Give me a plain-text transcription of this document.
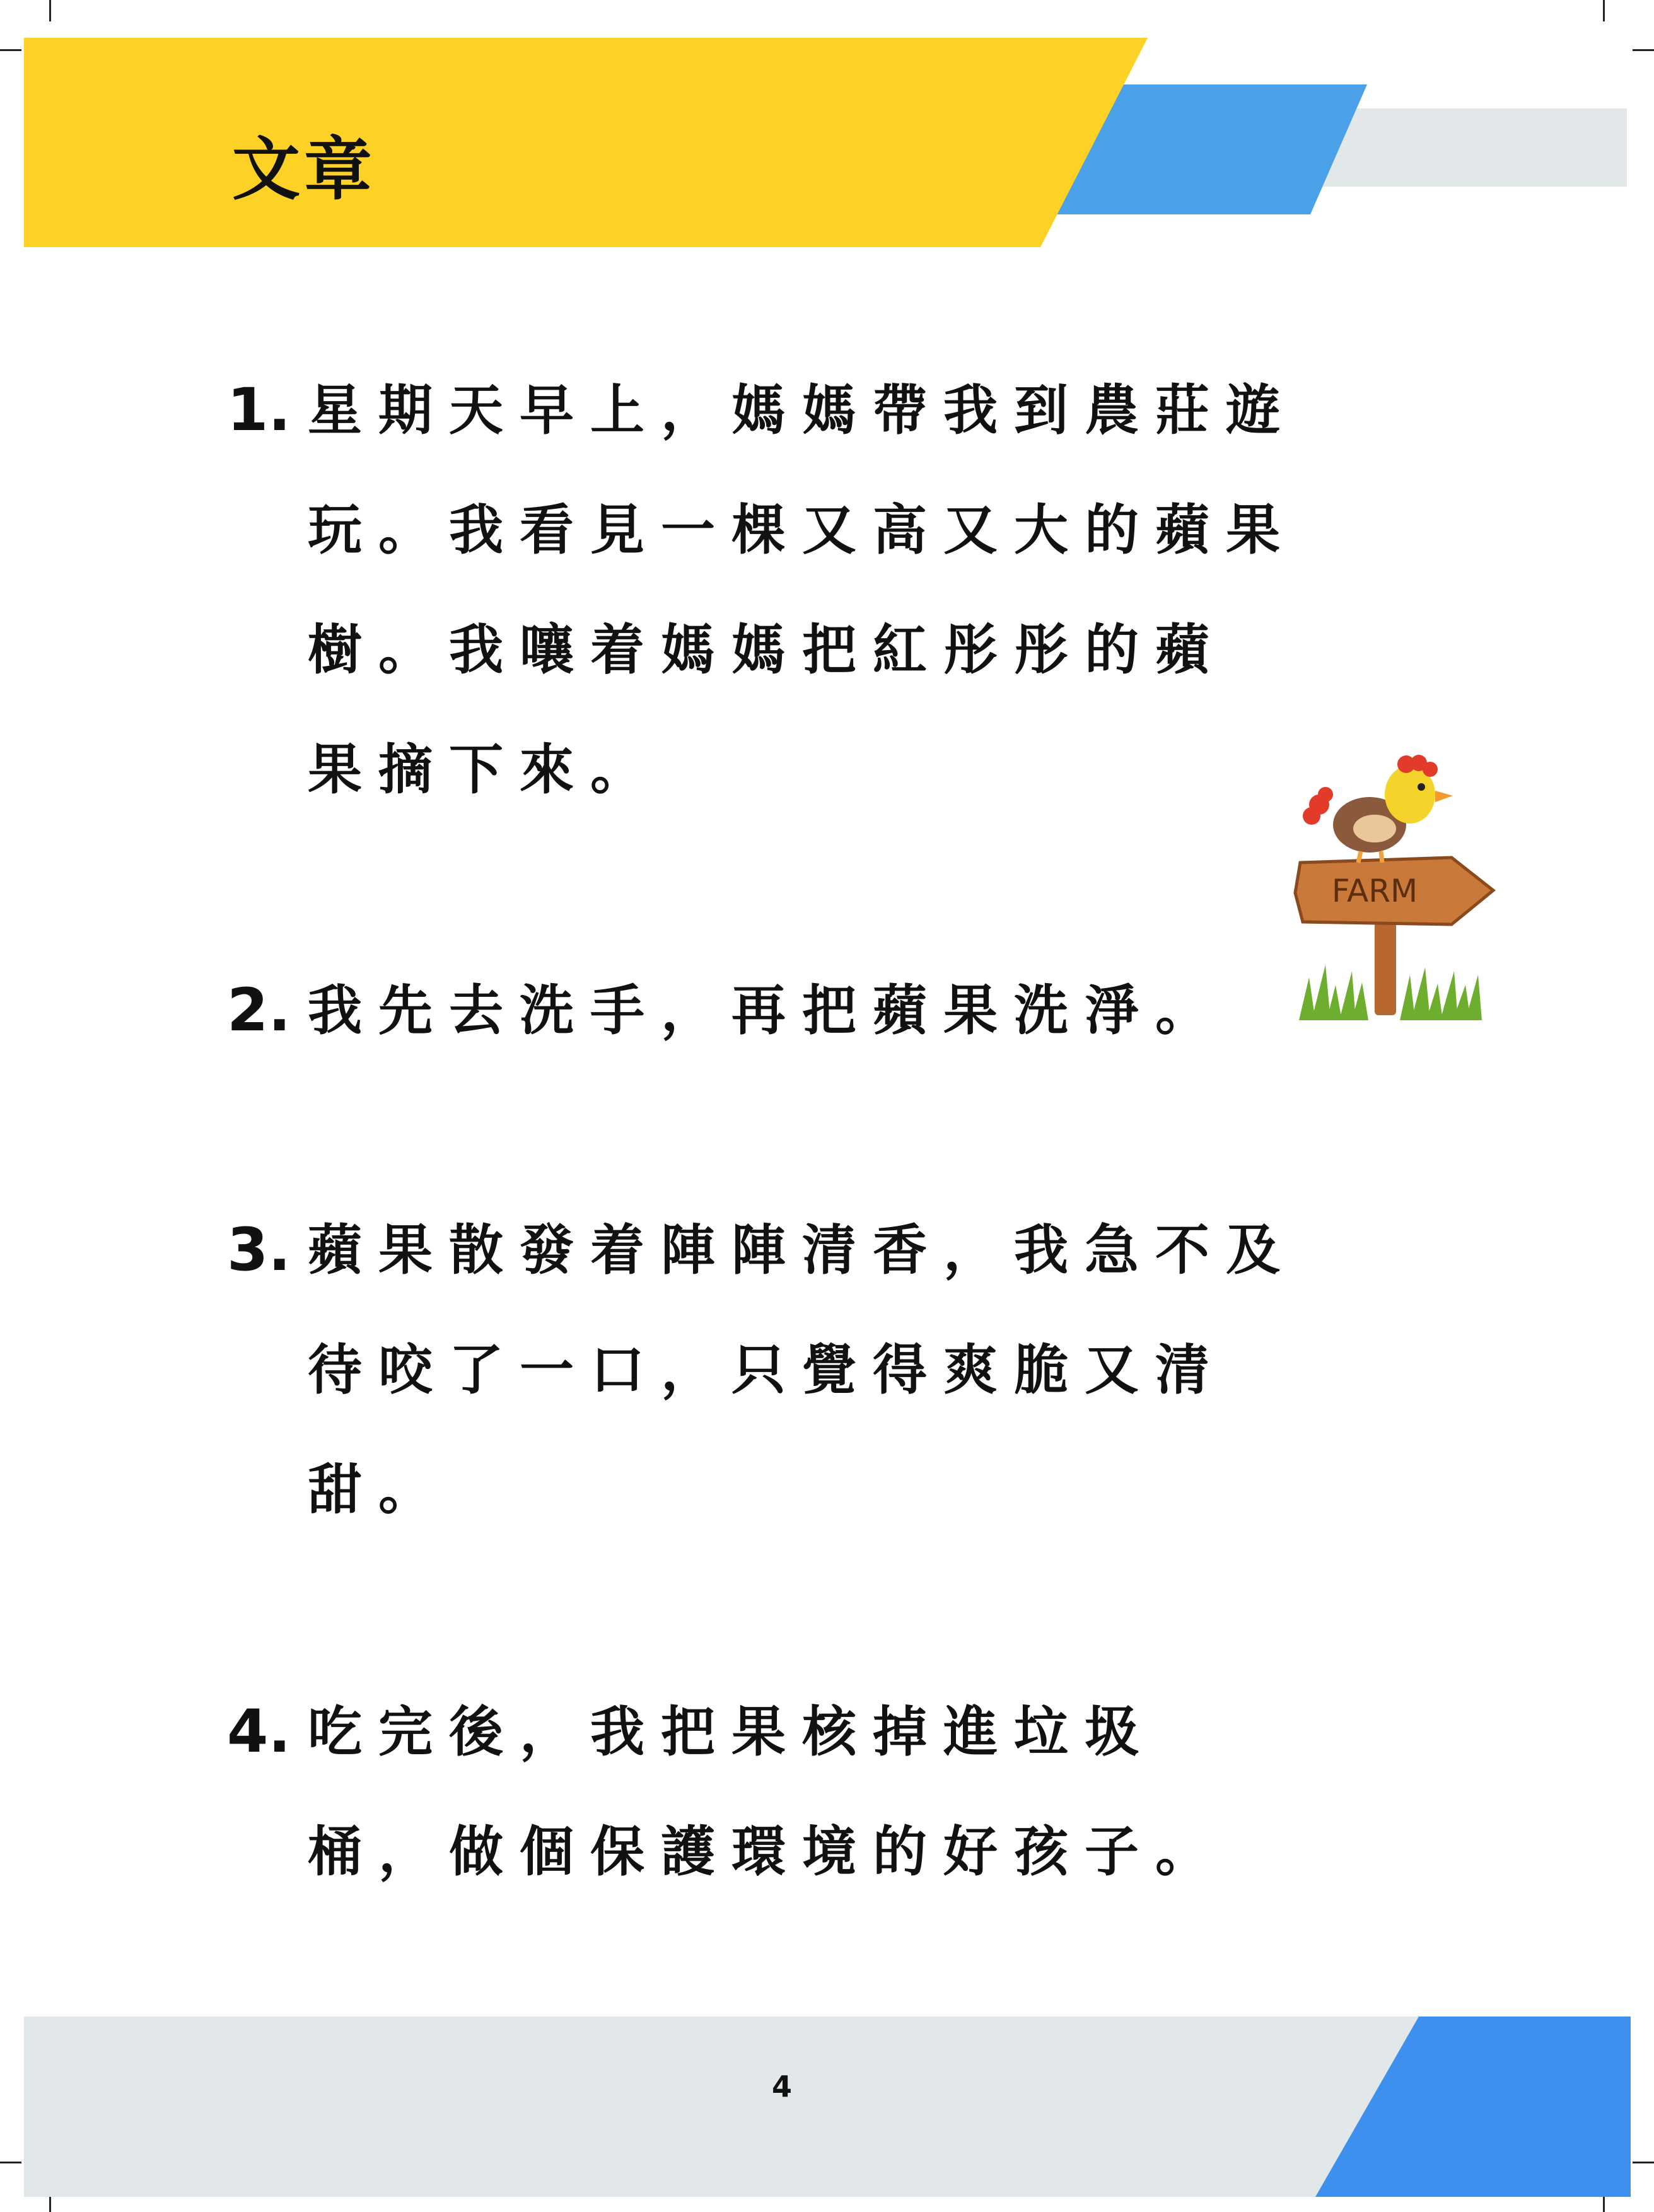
文章
1. 星期天早上，媽媽帶我到農莊遊
玩。我看見一棵又高又大的蘋果
樹。我嚷着媽媽把紅彤彤的蘋
果摘下來。
2. 我先去洗手，再把蘋果洗淨。
3. 蘋果散發着陣陣清香，我急不及
待咬了一口，只覺得爽脆又清
甜。
4. 吃完後，我把果核掉進垃圾
桶，做個保護環境的好孩子。
FARM
4
